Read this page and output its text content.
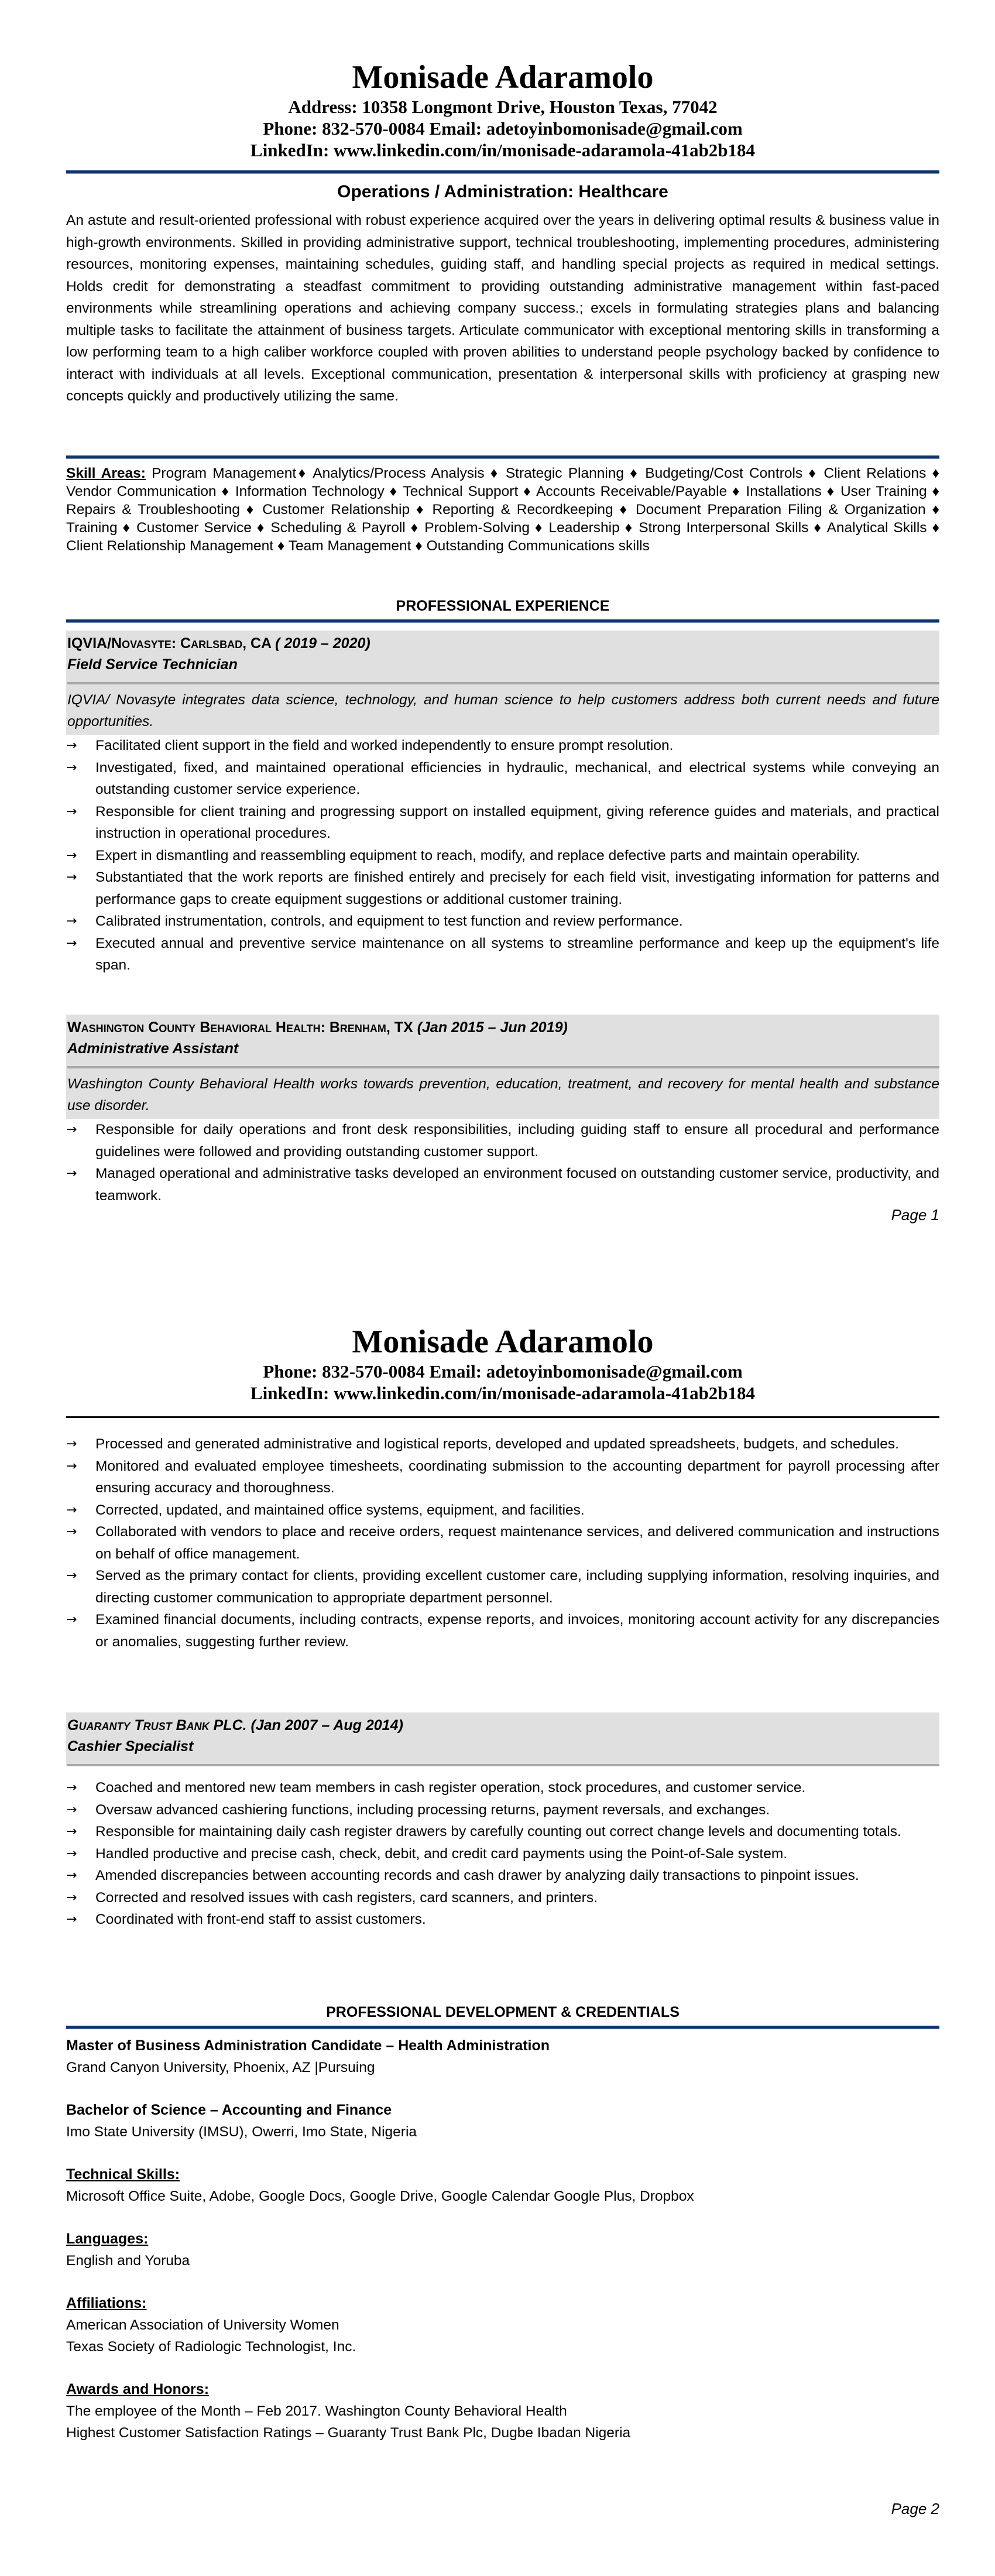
Monisade Adaramolo
Address: 10358 Longmont Drive, Houston Texas, 77042
Phone: 832-570-0084 Email: adetoyinbomonisade@gmail.com
LinkedIn: www.linkedin.com/in/monisade-adaramola-41ab2b184
Operations / Administration: Healthcare
An astute and result-oriented professional with robust experience acquired over the years in delivering optimal results & business value in high-growth environments. Skilled in providing administrative support, technical troubleshooting, implementing procedures, administering resources, monitoring expenses, maintaining schedules, guiding staff, and handling special projects as required in medical settings. Holds credit for demonstrating a steadfast commitment to providing outstanding administrative management within fast-paced environments while streamlining operations and achieving company success.; excels in formulating strategies plans and balancing multiple tasks to facilitate the attainment of business targets. Articulate communicator with exceptional mentoring skills in transforming a low performing team to a high caliber workforce coupled with proven abilities to understand people psychology backed by confidence to interact with individuals at all levels. Exceptional communication, presentation & interpersonal skills with proficiency at grasping new concepts quickly and productively utilizing the same.
Skill Areas: Program Management♦ Analytics/Process Analysis ♦ Strategic Planning ♦ Budgeting/Cost Controls ♦ Client Relations ♦ Vendor Communication ♦ Information Technology ♦ Technical Support ♦ Accounts Receivable/Payable ♦ Installations ♦ User Training ♦ Repairs & Troubleshooting ♦ Customer Relationship ♦ Reporting & Recordkeeping ♦ Document Preparation Filing & Organization ♦ Training ♦ Customer Service ♦ Scheduling & Payroll ♦ Problem-Solving ♦ Leadership ♦ Strong Interpersonal Skills ♦ Analytical Skills ♦ Client Relationship Management ♦ Team Management ♦ Outstanding Communications skills
PROFESSIONAL EXPERIENCE
IQVIA/Novasyte: Carlsbad, CA ( 2019 – 2020)
Field Service Technician
IQVIA/ Novasyte integrates data science, technology, and human science to help customers address both current needs and future opportunities.
→ Facilitated client support in the field and worked independently to ensure prompt resolution.
→ Investigated, fixed, and maintained operational efficiencies in hydraulic, mechanical, and electrical systems while conveying an outstanding customer service experience.
→ Responsible for client training and progressing support on installed equipment, giving reference guides and materials, and practical instruction in operational procedures.
→ Expert in dismantling and reassembling equipment to reach, modify, and replace defective parts and maintain operability.
→ Substantiated that the work reports are finished entirely and precisely for each field visit, investigating information for patterns and performance gaps to create equipment suggestions or additional customer training.
→ Calibrated instrumentation, controls, and equipment to test function and review performance.
→ Executed annual and preventive service maintenance on all systems to streamline performance and keep up the equipment's life span.
Washington County Behavioral Health: Brenham, TX (Jan 2015 – Jun 2019)
Administrative Assistant
Washington County Behavioral Health works towards prevention, education, treatment, and recovery for mental health and substance use disorder.
→ Responsible for daily operations and front desk responsibilities, including guiding staff to ensure all procedural and performance guidelines were followed and providing outstanding customer support.
→ Managed operational and administrative tasks developed an environment focused on outstanding customer service, productivity, and teamwork.
Page 1
Monisade Adaramolo
Phone: 832-570-0084 Email: adetoyinbomonisade@gmail.com
LinkedIn: www.linkedin.com/in/monisade-adaramola-41ab2b184
→ Processed and generated administrative and logistical reports, developed and updated spreadsheets, budgets, and schedules.
→ Monitored and evaluated employee timesheets, coordinating submission to the accounting department for payroll processing after ensuring accuracy and thoroughness.
→ Corrected, updated, and maintained office systems, equipment, and facilities.
→ Collaborated with vendors to place and receive orders, request maintenance services, and delivered communication and instructions on behalf of office management.
→ Served as the primary contact for clients, providing excellent customer care, including supplying information, resolving inquiries, and directing customer communication to appropriate department personnel.
→ Examined financial documents, including contracts, expense reports, and invoices, monitoring account activity for any discrepancies or anomalies, suggesting further review.
Guaranty Trust Bank PLC. (Jan 2007 – Aug 2014)
Cashier Specialist
→ Coached and mentored new team members in cash register operation, stock procedures, and customer service.
→ Oversaw advanced cashiering functions, including processing returns, payment reversals, and exchanges.
→ Responsible for maintaining daily cash register drawers by carefully counting out correct change levels and documenting totals.
→ Handled productive and precise cash, check, debit, and credit card payments using the Point-of-Sale system.
→ Amended discrepancies between accounting records and cash drawer by analyzing daily transactions to pinpoint issues.
→ Corrected and resolved issues with cash registers, card scanners, and printers.
→ Coordinated with front-end staff to assist customers.
PROFESSIONAL DEVELOPMENT & CREDENTIALS
Master of Business Administration Candidate – Health Administration
Grand Canyon University, Phoenix, AZ |Pursuing
Bachelor of Science – Accounting and Finance
Imo State University (IMSU), Owerri, Imo State, Nigeria
Technical Skills:
Microsoft Office Suite, Adobe, Google Docs, Google Drive, Google Calendar Google Plus, Dropbox
Languages:
English and Yoruba
Affiliations:
American Association of University Women
Texas Society of Radiologic Technologist, Inc.
Awards and Honors:
The employee of the Month – Feb 2017. Washington County Behavioral Health
Highest Customer Satisfaction Ratings – Guaranty Trust Bank Plc, Dugbe Ibadan Nigeria
Page 2
